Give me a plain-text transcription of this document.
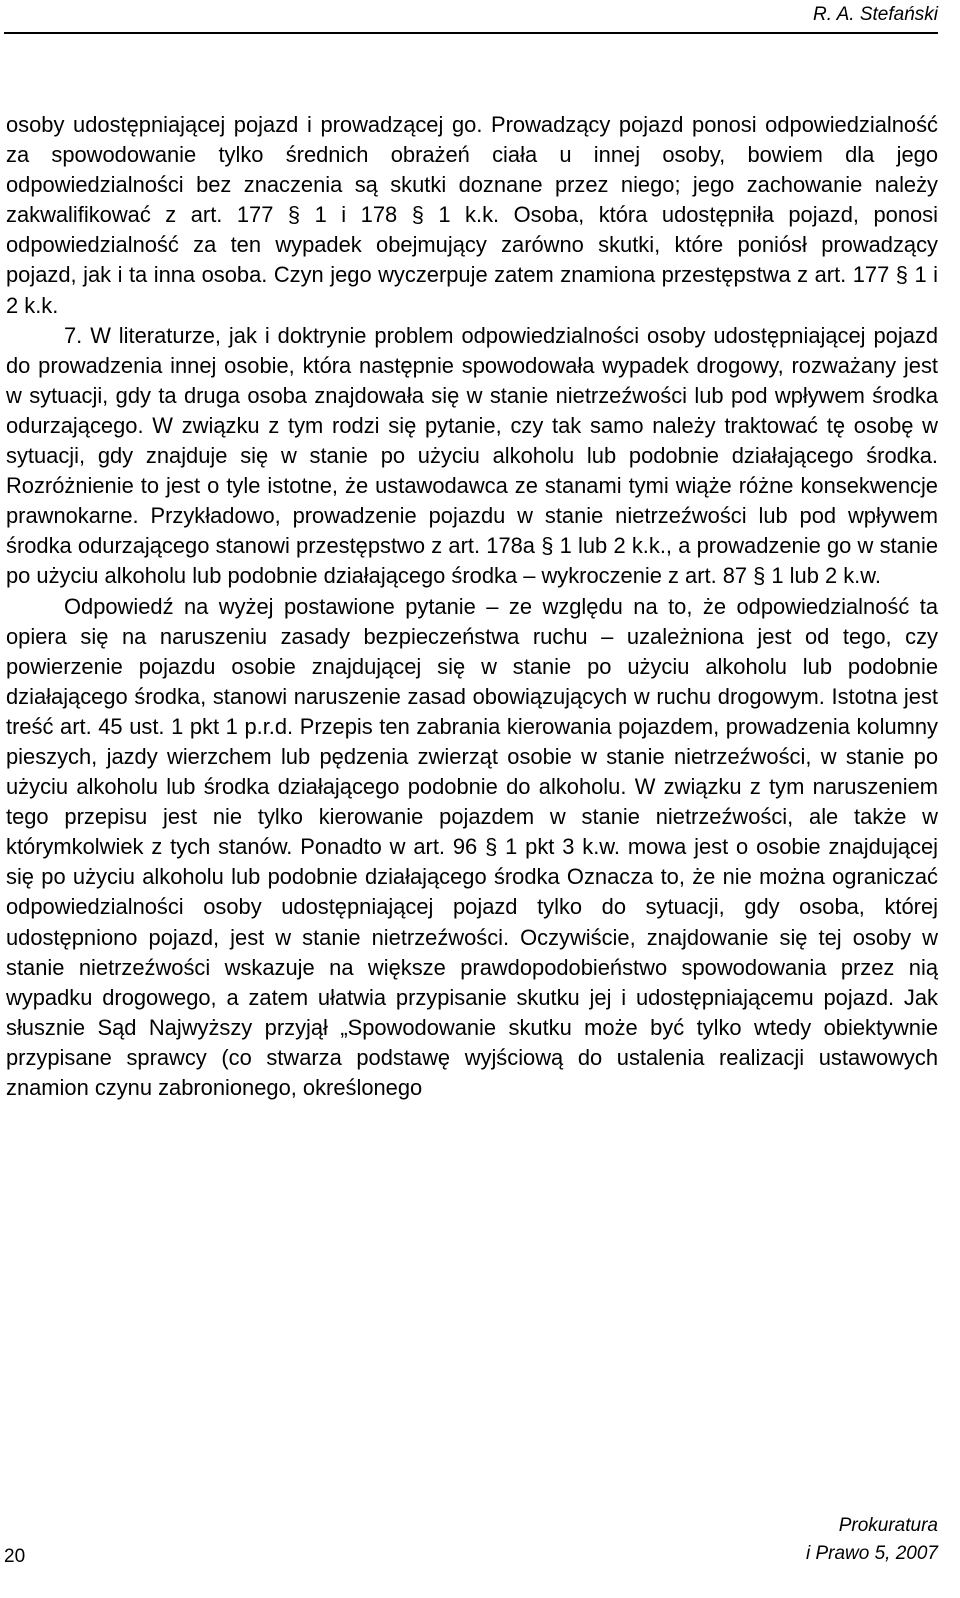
R. A. Stefański

osoby udostępniającej pojazd i prowadzącej go. Prowadzący pojazd ponosi odpowiedzialność za spowodowanie tylko średnich obrażeń ciała u innej osoby, bowiem dla jego odpowiedzialności bez znaczenia są skutki doznane przez niego; jego zachowanie należy zakwalifikować z art. 177 § 1 i 178 § 1 k.k. Osoba, która udostępniła pojazd, ponosi odpowiedzialność za ten wypadek obejmujący zarówno skutki, które poniósł prowadzący pojazd, jak i ta inna osoba. Czyn jego wyczerpuje zatem znamiona przestępstwa z art. 177 § 1 i 2 k.k.

7. W literaturze, jak i doktrynie problem odpowiedzialności osoby udostępniającej pojazd do prowadzenia innej osobie, która następnie spowodowała wypadek drogowy, rozważany jest w sytuacji, gdy ta druga osoba znajdowała się w stanie nietrzeźwości lub pod wpływem środka odurzającego. W związku z tym rodzi się pytanie, czy tak samo należy traktować tę osobę w sytuacji, gdy znajduje się w stanie po użyciu alkoholu lub podobnie działającego środka. Rozróżnienie to jest o tyle istotne, że ustawodawca ze stanami tymi wiąże różne konsekwencje prawnokarne. Przykładowo, prowadzenie pojazdu w stanie nietrzeźwości lub pod wpływem środka odurzającego stanowi przestępstwo z art. 178a § 1 lub 2 k.k., a prowadzenie go w stanie po użyciu alkoholu lub podobnie działającego środka – wykroczenie z art. 87 § 1 lub 2 k.w.

Odpowiedź na wyżej postawione pytanie – ze względu na to, że odpowiedzialność ta opiera się na naruszeniu zasady bezpieczeństwa ruchu – uzależniona jest od tego, czy powierzenie pojazdu osobie znajdującej się w stanie po użyciu alkoholu lub podobnie działającego środka, stanowi naruszenie zasad obowiązujących w ruchu drogowym. Istotna jest treść art. 45 ust. 1 pkt 1 p.r.d. Przepis ten zabrania kierowania pojazdem, prowadzenia kolumny pieszych, jazdy wierzchem lub pędzenia zwierząt osobie w stanie nietrzeźwości, w stanie po użyciu alkoholu lub środka działającego podobnie do alkoholu. W związku z tym naruszeniem tego przepisu jest nie tylko kierowanie pojazdem w stanie nietrzeźwości, ale także w którymkolwiek z tych stanów. Ponadto w art. 96 § 1 pkt 3 k.w. mowa jest o osobie znajdującej się po użyciu alkoholu lub podobnie działającego środka Oznacza to, że nie można ograniczać odpowiedzialności osoby udostępniającej pojazd tylko do sytuacji, gdy osoba, której udostępniono pojazd, jest w stanie nietrzeźwości. Oczywiście, znajdowanie się tej osoby w stanie nietrzeźwości wskazuje na większe prawdopodobieństwo spowodowania przez nią wypadku drogowego, a zatem ułatwia przypisanie skutku jej i udostępniającemu pojazd. Jak słusznie Sąd Najwyższy przyjął „Spowodowanie skutku może być tylko wtedy obiektywnie przypisane sprawcy (co stwarza podstawę wyjściową do ustalenia realizacji ustawowych znamion czynu zabronionego, określonego

20
Prokuratura
i Prawo 5, 2007
